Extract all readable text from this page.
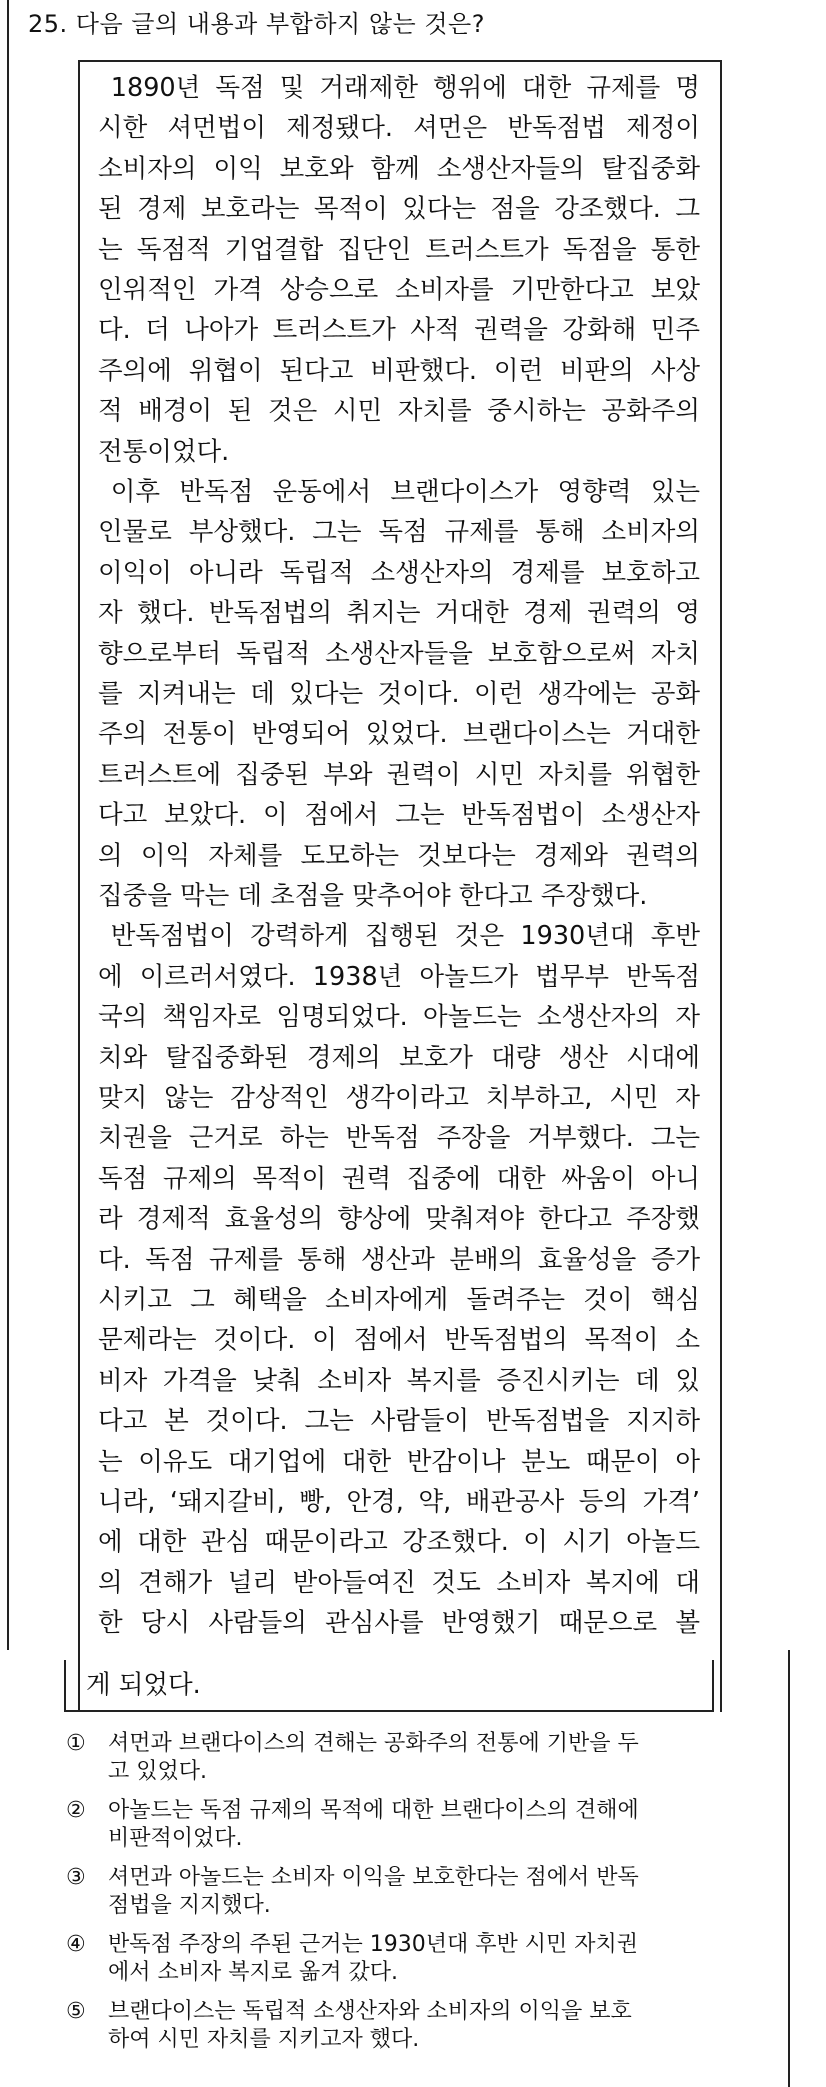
25. 다음 글의 내용과 부합하지 않는 것은?
 1890년 독점 및 거래제한 행위에 대한 규제를 명
시한 셔먼법이 제정됐다. 셔먼은 반독점법 제정이
소비자의 이익 보호와 함께 소생산자들의 탈집중화
된 경제 보호라는 목적이 있다는 점을 강조했다. 그
는 독점적 기업결합 집단인 트러스트가 독점을 통한
인위적인 가격 상승으로 소비자를 기만한다고 보았
다. 더 나아가 트러스트가 사적 권력을 강화해 민주
주의에 위협이 된다고 비판했다. 이런 비판의 사상
적 배경이 된 것은 시민 자치를 중시하는 공화주의
전통이었다.
 이후 반독점 운동에서 브랜다이스가 영향력 있는
인물로 부상했다. 그는 독점 규제를 통해 소비자의
이익이 아니라 독립적 소생산자의 경제를 보호하고
자 했다. 반독점법의 취지는 거대한 경제 권력의 영
향으로부터 독립적 소생산자들을 보호함으로써 자치
를 지켜내는 데 있다는 것이다. 이런 생각에는 공화
주의 전통이 반영되어 있었다. 브랜다이스는 거대한
트러스트에 집중된 부와 권력이 시민 자치를 위협한
다고 보았다. 이 점에서 그는 반독점법이 소생산자
의 이익 자체를 도모하는 것보다는 경제와 권력의
집중을 막는 데 초점을 맞추어야 한다고 주장했다.
 반독점법이 강력하게 집행된 것은 1930년대 후반
에 이르러서였다. 1938년 아놀드가 법무부 반독점
국의 책임자로 임명되었다. 아놀드는 소생산자의 자
치와 탈집중화된 경제의 보호가 대량 생산 시대에
맞지 않는 감상적인 생각이라고 치부하고, 시민 자
치권을 근거로 하는 반독점 주장을 거부했다. 그는
독점 규제의 목적이 권력 집중에 대한 싸움이 아니
라 경제적 효율성의 향상에 맞춰져야 한다고 주장했
다. 독점 규제를 통해 생산과 분배의 효율성을 증가
시키고 그 혜택을 소비자에게 돌려주는 것이 핵심
문제라는 것이다. 이 점에서 반독점법의 목적이 소
비자 가격을 낮춰 소비자 복지를 증진시키는 데 있
다고 본 것이다. 그는 사람들이 반독점법을 지지하
는 이유도 대기업에 대한 반감이나 분노 때문이 아
니라, ‘돼지갈비, 빵, 안경, 약, 배관공사 등의 가격’
에 대한 관심 때문이라고 강조했다. 이 시기 아놀드
의 견해가 널리 받아들여진 것도 소비자 복지에 대
한 당시 사람들의 관심사를 반영했기 때문으로 볼
게 되었다.
① 셔먼과 브랜다이스의 견해는 공화주의 전통에 기반을 두
고 있었다.
② 아놀드는 독점 규제의 목적에 대한 브랜다이스의 견해에
비판적이었다.
③ 셔먼과 아놀드는 소비자 이익을 보호한다는 점에서 반독
점법을 지지했다.
④ 반독점 주장의 주된 근거는 1930년대 후반 시민 자치권
에서 소비자 복지로 옮겨 갔다.
⑤ 브랜다이스는 독립적 소생산자와 소비자의 이익을 보호
하여 시민 자치를 지키고자 했다.
